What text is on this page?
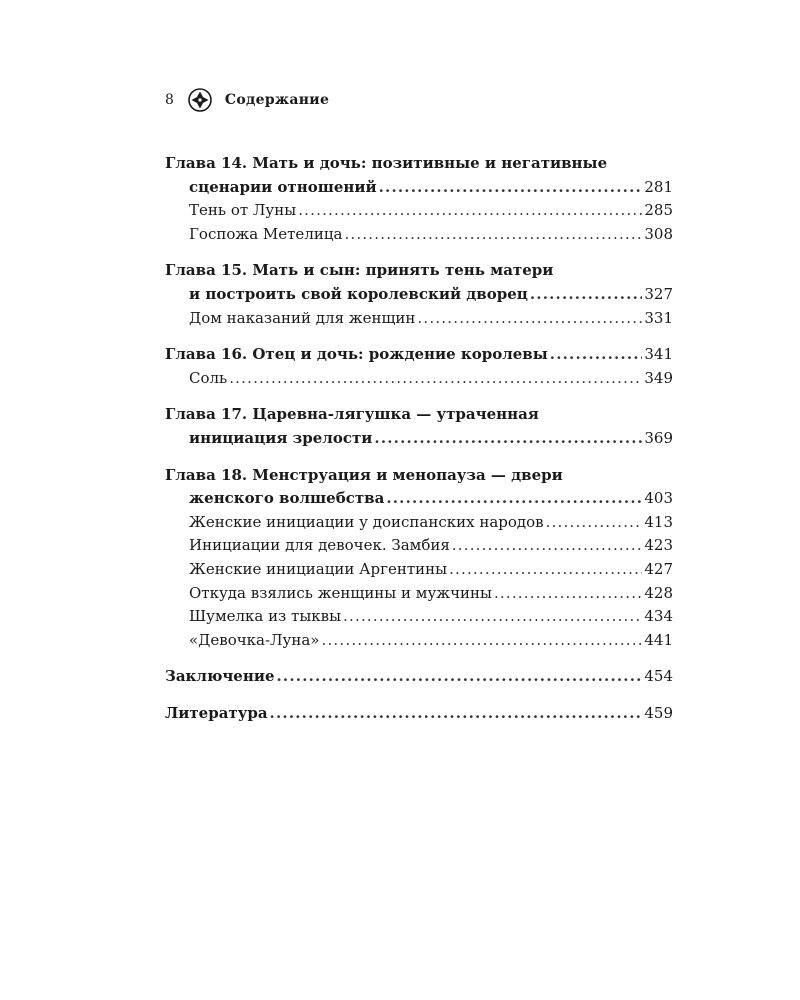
8	Содержание
Глава 14. Мать и дочь: позитивные и негативные
сценарии отношений .....	281
Тень от Луны .....	285
Госпожа Метелица .....	308
Глава 15. Мать и сын: принять тень матери
и построить свой королевский дворец .....	327
Дом наказаний для женщин .....	331
Глава 16. Отец и дочь: рождение королевы .....	341
Соль .....	349
Глава 17. Царевна-лягушка — утраченная
инициация зрелости .....	369
Глава 18. Менструация и менопауза — двери
женского волшебства .....	403
Женские инициации у доиспанских народов .....	413
Инициации для девочек. Замбия .....	423
Женские инициации Аргентины .....	427
Откуда взялись женщины и мужчины .....	428
Шумелка из тыквы .....	434
«Девочка-Луна» .....	441
Заключение .....	454
Литература .....	459
